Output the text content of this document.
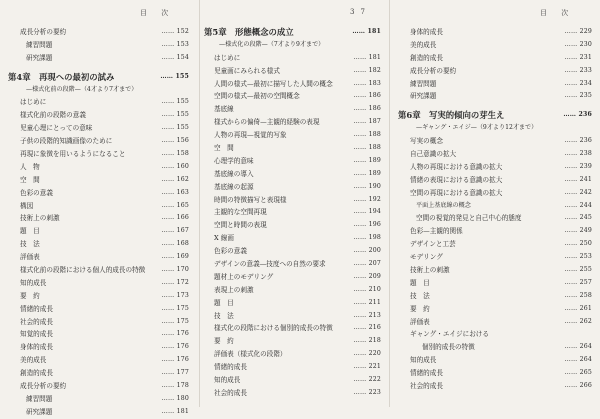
目 次
成長分析の要約	…… 152
練習問題	…… 153
研究課題	…… 154
第4章　再現への最初の試み	…… 155
—様式化前の段階—（4才より7才まで）
はじめに	…… 155
様式化前の段階の意義	…… 155
児童心理にとっての意味	…… 155
子供の段階的知識画像のために	…… 156
再現に象徴を用いるようになること	…… 158
人　物	…… 160
空　間	…… 162
色彩の意義	…… 163
構図	…… 165
技術上の刺激	…… 166
題　目	…… 167
技　法	…… 168
評価表	…… 169
様式化前の段階における個人的成長の特徴	…… 170
知的成長	…… 172
要　約	…… 173
情緒的成長	…… 175
社会的成長	…… 175
知覚的成長	…… 176
身体的成長	…… 176
美的成長	…… 176
創造的成長	…… 177
成長分析の要約	…… 178
練習問題	…… 180
研究課題	…… 181
37
第5章　形態概念の成立	…… 181
—様式化の段階—（7才より9才まで）
はじめに	…… 181
児童画にみられる様式	…… 182
人間の様式—最初に描写した人間の概念	…… 183
空間の様式—最初の空間概念	…… 186
基底線	…… 186
様式からの偏倚—主観的経験の表現	…… 187
人物の再現—視覚的写象	…… 188
空　間	…… 188
心理学的意味	…… 189
基底線の導入	…… 189
基底線の起源	…… 190
時間の特徴描写と表現様	…… 192
主観的な空間再現	…… 194
空間と時間の表現	…… 196
X 線画	…… 198
色彩の意義	…… 200
デザインの意義—技度への自然の要求	…… 207
題材上のモデリング	…… 209
表現上の刺激	…… 210
題　目	…… 211
技　法	…… 213
様式化の段階における個別的成長の特徴	…… 216
要　約	…… 218
評価表（様式化の段階）	…… 220
情緒的成長	…… 221
知的成長	…… 222
社会的成長	…… 223
目 次
身体的成長	…… 229
美的成長	…… 230
創造的成長	…… 231
成長分析の要約	…… 233
練習問題	…… 234
研究課題	…… 235
第6章　写実的傾向の芽生え	…… 236
—ギャング・エイジ—（9才より12才まで）
写実の概念	…… 236
自己意識の拡大	…… 238
人物の再現における意識の拡大	…… 239
情緒の表現における意識の拡大	…… 241
空間の再現における意識の拡大	…… 242
平面上基底線の概念	…… 244
空間の視覚的発見と自己中心的態度	…… 245
色彩—主観的関係	…… 249
デザインと工芸	…… 250
モデリング	…… 253
技術上の刺激	…… 255
題　目	…… 257
技　法	…… 258
要　約	…… 261
評価表	…… 262
ギャング・エイジにおける
個別的成長の特徴	…… 264
知的成長	…… 264
情緒的成長	…… 265
社会的成長	…… 266
